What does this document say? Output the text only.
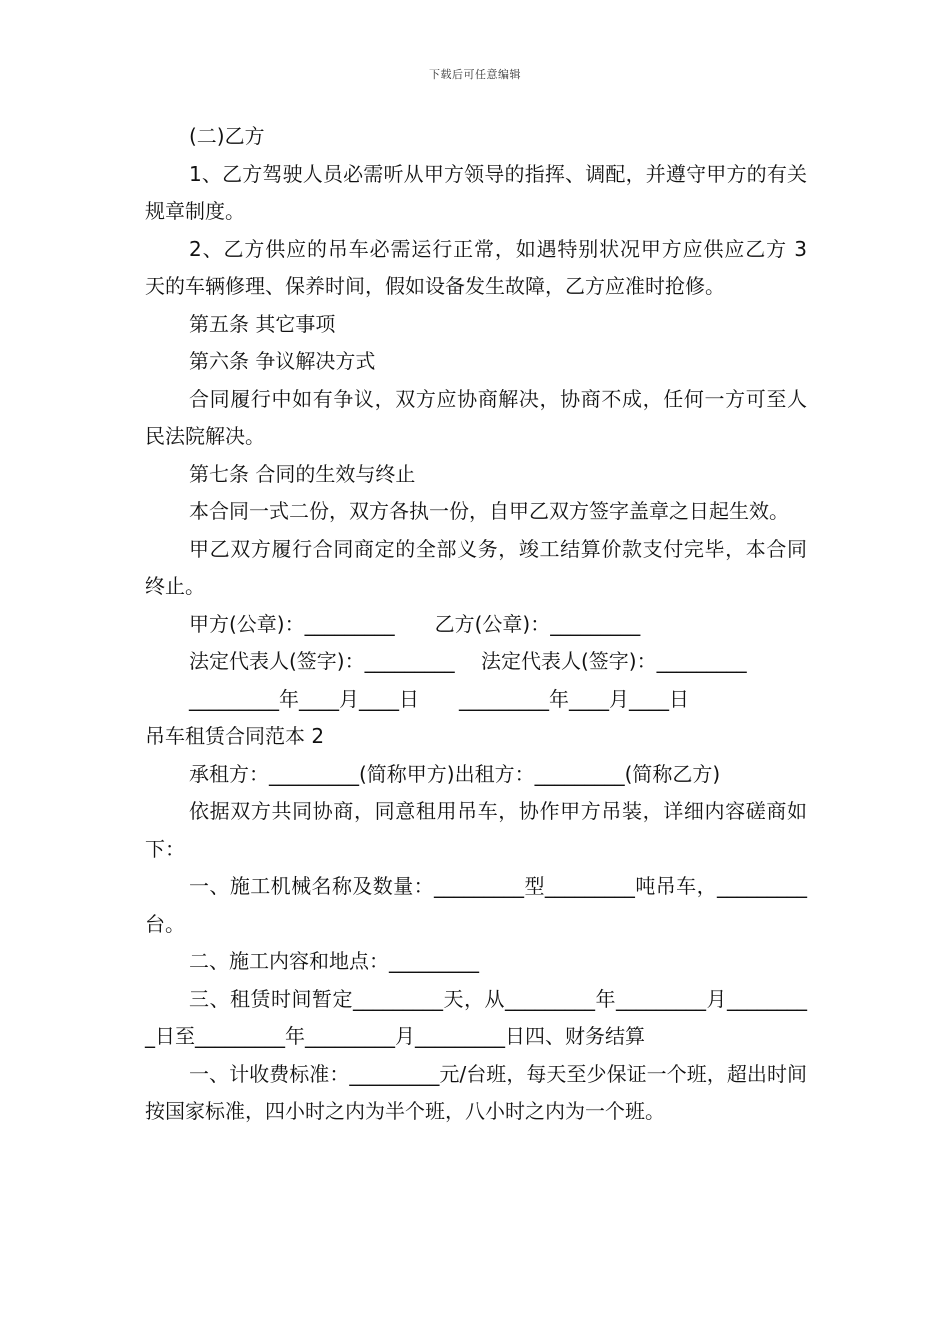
下载后可任意编辑

(二)乙方

1、乙方驾驶人员必需听从甲方领导的指挥、调配，并遵守甲方的有关规章制度。

2、乙方供应的吊车必需运行正常，如遇特别状况甲方应供应乙方 3 天的车辆修理、保养时间，假如设备发生故障，乙方应准时抢修。

第五条 其它事项

第六条 争议解决方式

合同履行中如有争议，双方应协商解决，协商不成，任何一方可至人民法院解决。

第七条 合同的生效与终止

本合同一式二份，双方各执一份，自甲乙双方签字盖章之日起生效。

甲乙双方履行合同商定的全部义务，竣工结算价款支付完毕，本合同终止。

甲方(公章)：_________　　乙方(公章)：_________

法定代表人(签字)：_________　 法定代表人(签字)：_________

_________年____月____日　　_________年____月____日

吊车租赁合同范本 2

承租方：_________(简称甲方)出租方：_________(简称乙方)

依据双方共同协商，同意租用吊车，协作甲方吊装，详细内容磋商如下：

一、施工机械名称及数量：_________型_________吨吊车，_________台。

二、施工内容和地点：_________

三、租赁时间暂定_________天，从_________年_________月_________日至_________年_________月_________日四、财务结算

一、计收费标准：_________元/台班，每天至少保证一个班，超出时间按国家标准，四小时之内为半个班，八小时之内为一个班。
